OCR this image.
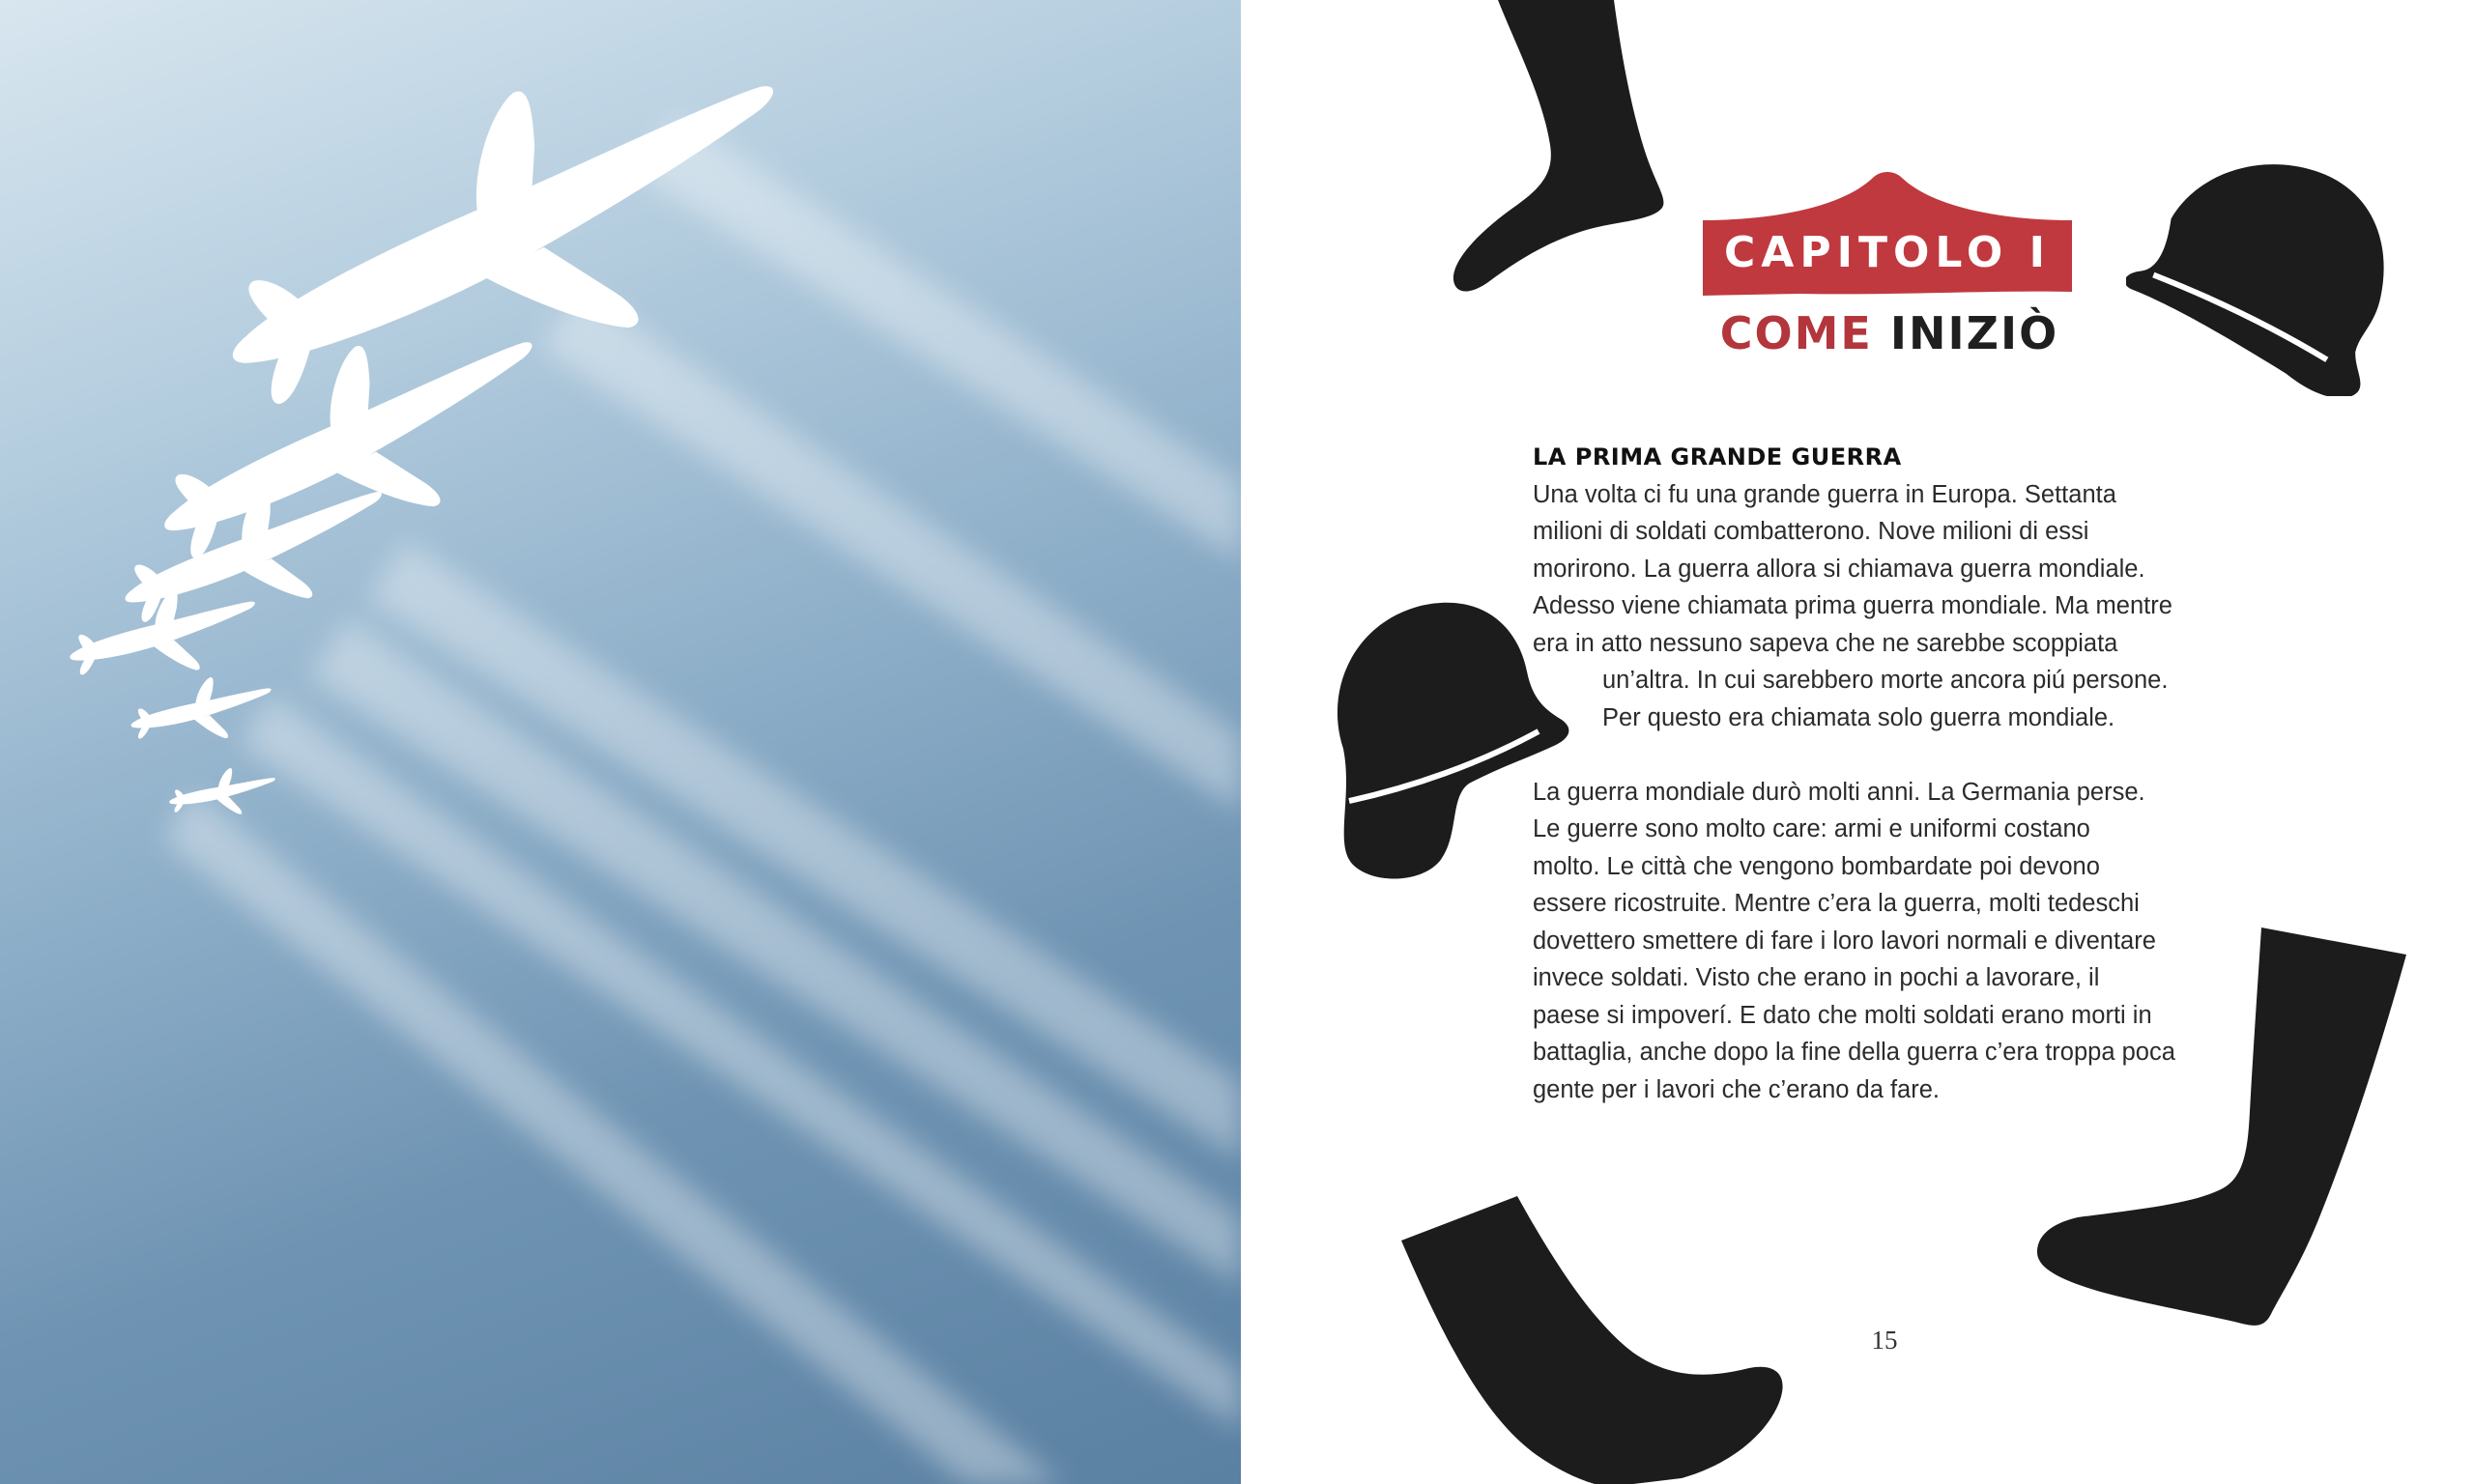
CAPITOLO I
COME INIZIÒ
LA PRIMA GRANDE GUERRA
Una volta ci fu una grande guerra in Europa. Settanta
milioni di soldati combatterono. Nove milioni di essi
morirono. La guerra allora si chiamava guerra mondiale.
Adesso viene chiamata prima guerra mondiale. Ma mentre
era in atto nessuno sapeva che ne sarebbe scoppiata
un’altra. In cui sarebbero morte ancora piú persone.
Per questo era chiamata solo guerra mondiale.
La guerra mondiale durò molti anni. La Germania perse.
Le guerre sono molto care: armi e uniformi costano
molto. Le città che vengono bombardate poi devono
essere ricostruite. Mentre c’era la guerra, molti tedeschi
dovettero smettere di fare i loro lavori normali e diventare
invece soldati. Visto che erano in pochi a lavorare, il
paese si impoverí. E dato che molti soldati erano morti in
battaglia, anche dopo la fine della guerra c’era troppa poca
gente per i lavori che c’erano da fare.
15
